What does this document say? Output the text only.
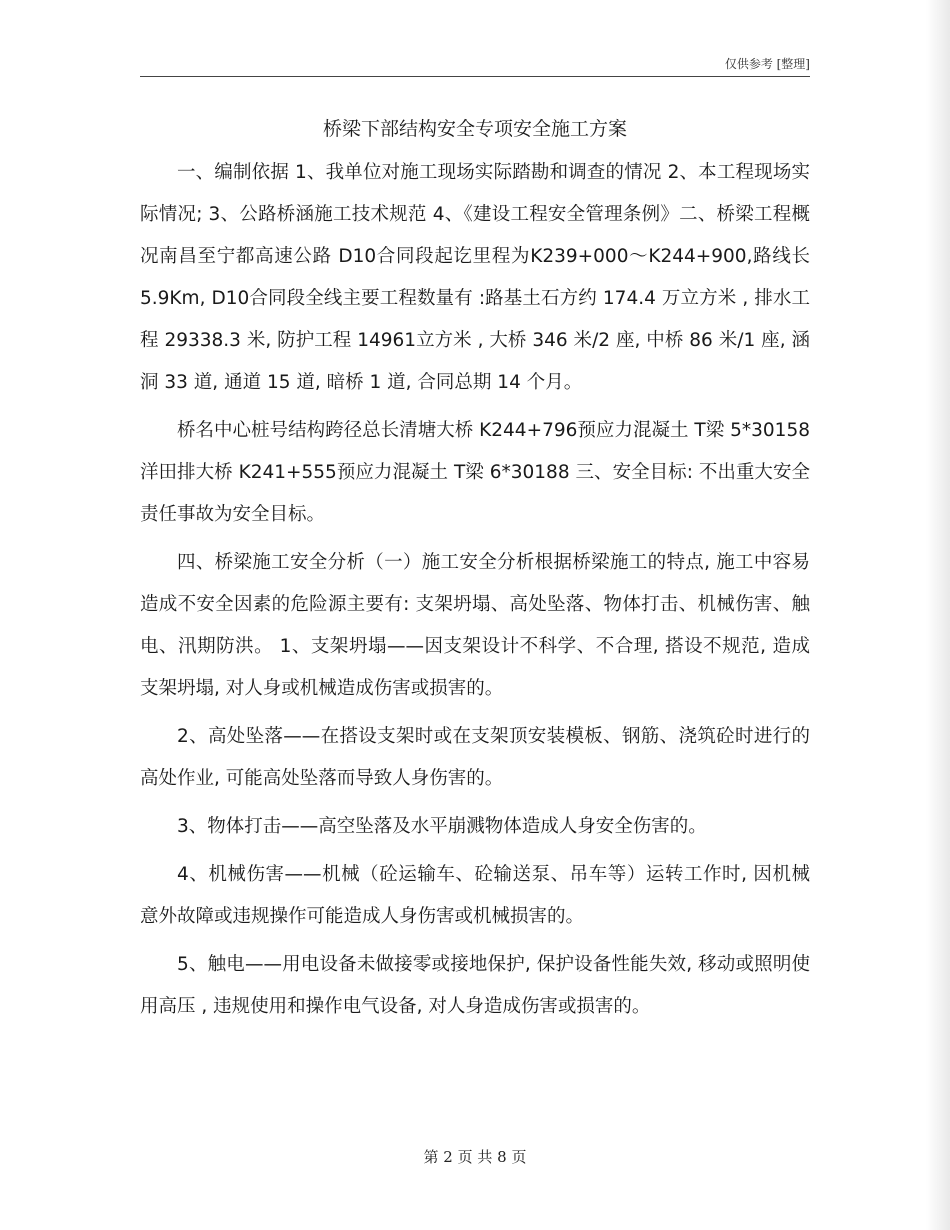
仅供参考 [整理]
桥梁下部结构安全专项安全施工方案

一、编制依据 1、我单位对施工现场实际踏勘和调查的情况 2、本工程现场实际情况; 3、公路桥涵施工技术规范 4、《建设工程安全管理条例》二、桥梁工程概况南昌至宁都高速公路 D10合同段起讫里程为K239+000～K244+900,路线长 5.9Km, D10合同段全线主要工程数量有 :路基土石方约 174.4 万立方米 , 排水工程 29338.3 米, 防护工程 14961立方米 , 大桥 346 米/2 座, 中桥 86 米/1 座, 涵洞 33 道, 通道 15 道, 暗桥 1 道, 合同总期 14 个月。

桥名中心桩号结构跨径总长清塘大桥 K244+796预应力混凝土 T梁 5*30158 洋田排大桥 K241+555预应力混凝土 T梁 6*30188 三、安全目标: 不出重大安全责任事故为安全目标。

四、桥梁施工安全分析（一）施工安全分析根据桥梁施工的特点, 施工中容易造成不安全因素的危险源主要有: 支架坍塌、高处坠落、物体打击、机械伤害、触电、汛期防洪。 1、支架坍塌——因支架设计不科学、不合理, 搭设不规范, 造成支架坍塌, 对人身或机械造成伤害或损害的。

2、高处坠落——在搭设支架时或在支架顶安装模板、钢筋、浇筑砼时进行的高处作业, 可能高处坠落而导致人身伤害的。

3、物体打击——高空坠落及水平崩溅物体造成人身安全伤害的。

4、机械伤害——机械（砼运输车、砼输送泵、吊车等）运转工作时, 因机械意外故障或违规操作可能造成人身伤害或机械损害的。

5、触电——用电设备未做接零或接地保护, 保护设备性能失效, 移动或照明使用高压 , 违规使用和操作电气设备, 对人身造成伤害或损害的。

第 2 页 共 8 页
